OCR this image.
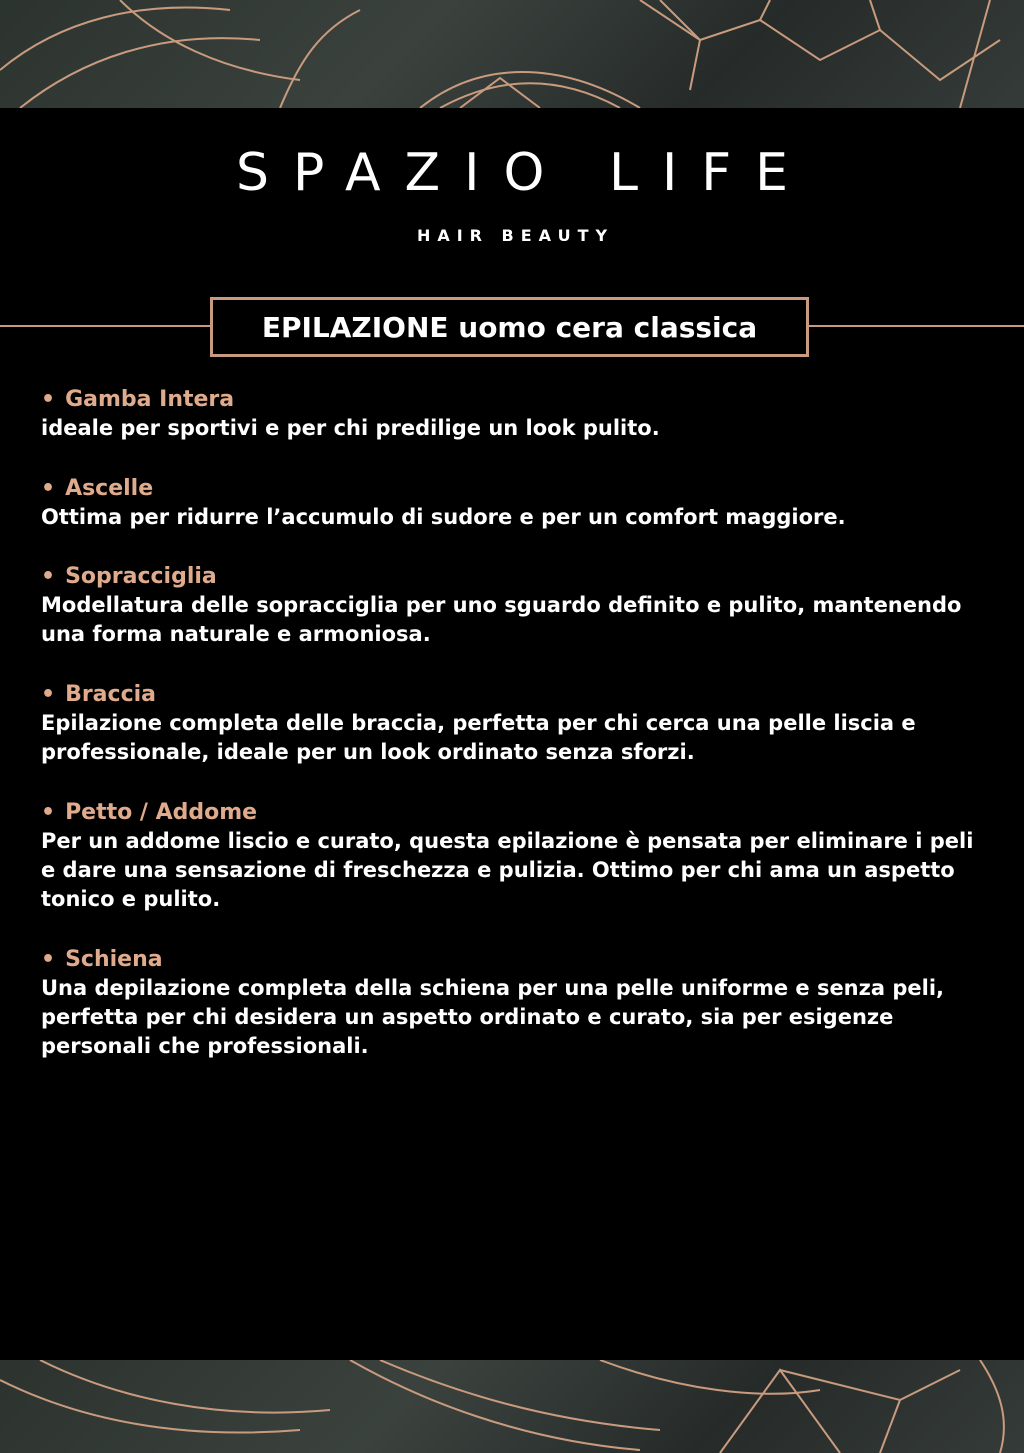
SPAZIO LIFE
HAIR BEAUTY
EPILAZIONE uomo cera classica
• Gamba Intera
ideale per sportivi e per chi predilige un look pulito.
• Ascelle
Ottima per ridurre l’accumulo di sudore e per un comfort maggiore.
• Sopracciglia
Modellatura delle sopracciglia per uno sguardo definito e pulito, mantenendo una forma naturale e armoniosa.
• Braccia
Epilazione completa delle braccia, perfetta per chi cerca una pelle liscia e professionale, ideale per un look ordinato senza sforzi.
• Petto / Addome
Per un addome liscio e curato, questa epilazione è pensata per eliminare i peli e dare una sensazione di freschezza e pulizia. Ottimo per chi ama un aspetto tonico e pulito.
• Schiena
Una depilazione completa della schiena per una pelle uniforme e senza peli, perfetta per chi desidera un aspetto ordinato e curato, sia per esigenze personali che professionali.
